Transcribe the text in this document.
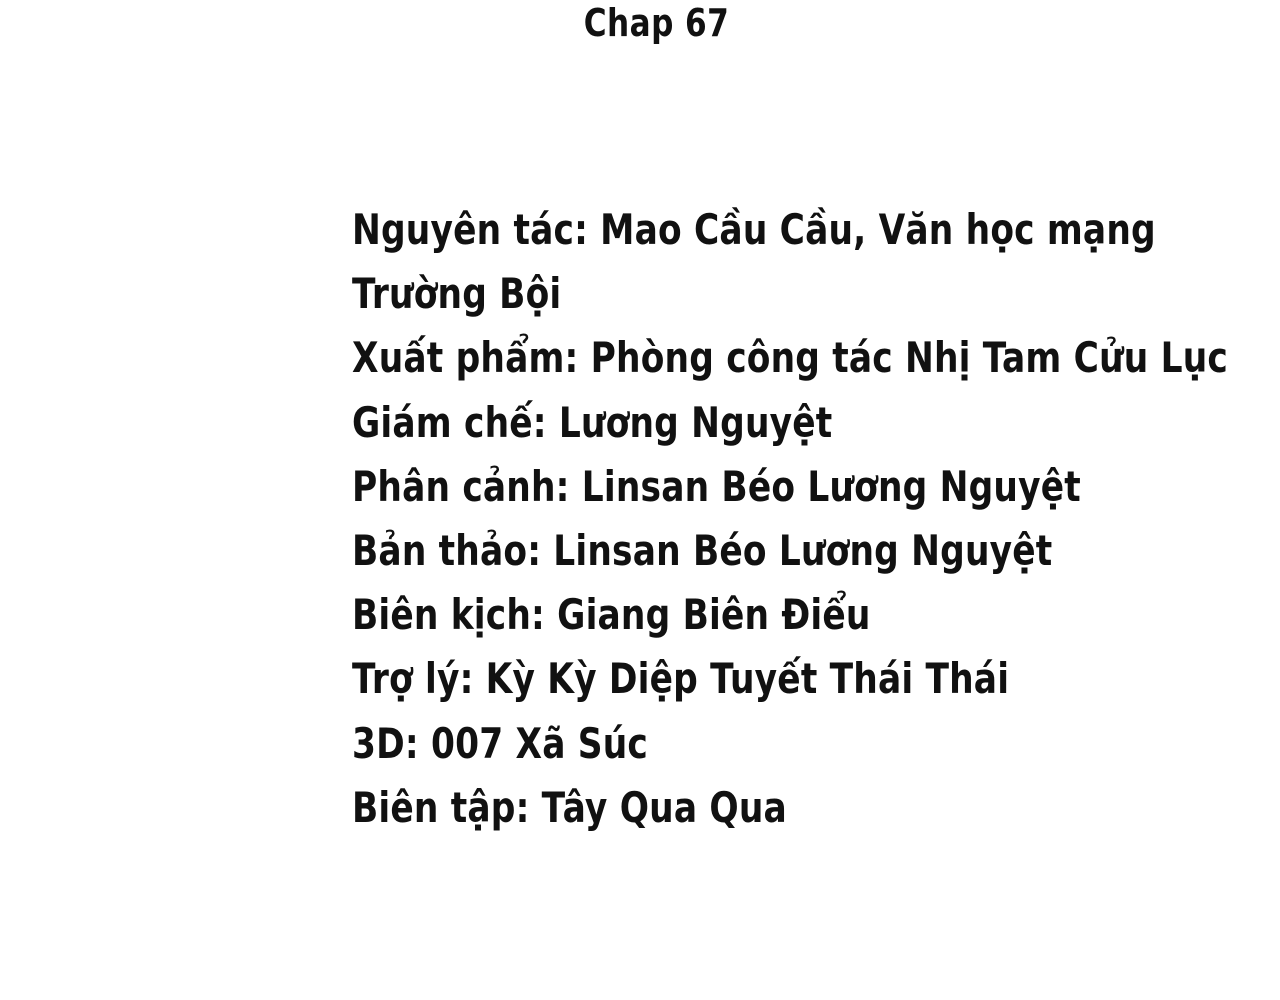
Chap 67
Nguyên tác: Mao Cầu Cầu, Văn học mạng
Trường Bội
Xuất phẩm: Phòng công tác Nhị Tam Cửu Lục
Giám chế: Lương Nguyệt
Phân cảnh: Linsan Béo Lương Nguyệt
Bản thảo: Linsan Béo Lương Nguyệt
Biên kịch: Giang Biên Điểu
Trợ lý: Kỳ Kỳ Diệp Tuyết Thái Thái
3D: 007 Xã Súc
Biên tập: Tây Qua Qua
